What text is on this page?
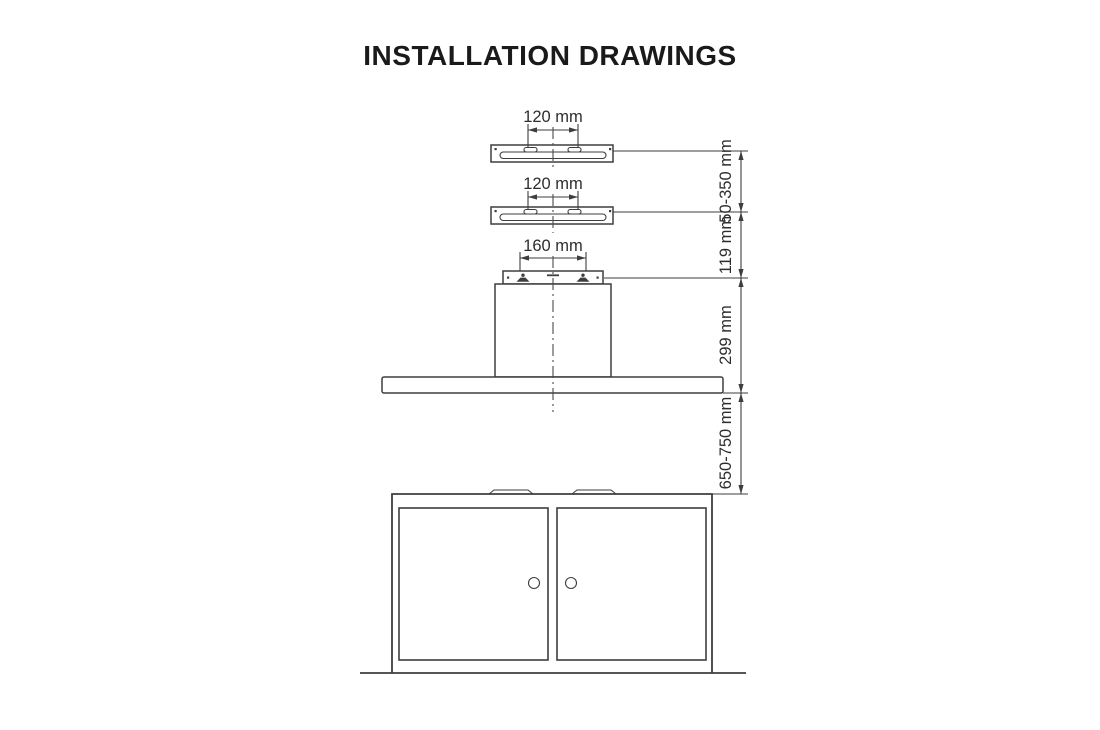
INSTALLATION DRAWINGS
120 mm
120 mm
160 mm
50-350 mm
119 mm
299 mm
650-750 mm
